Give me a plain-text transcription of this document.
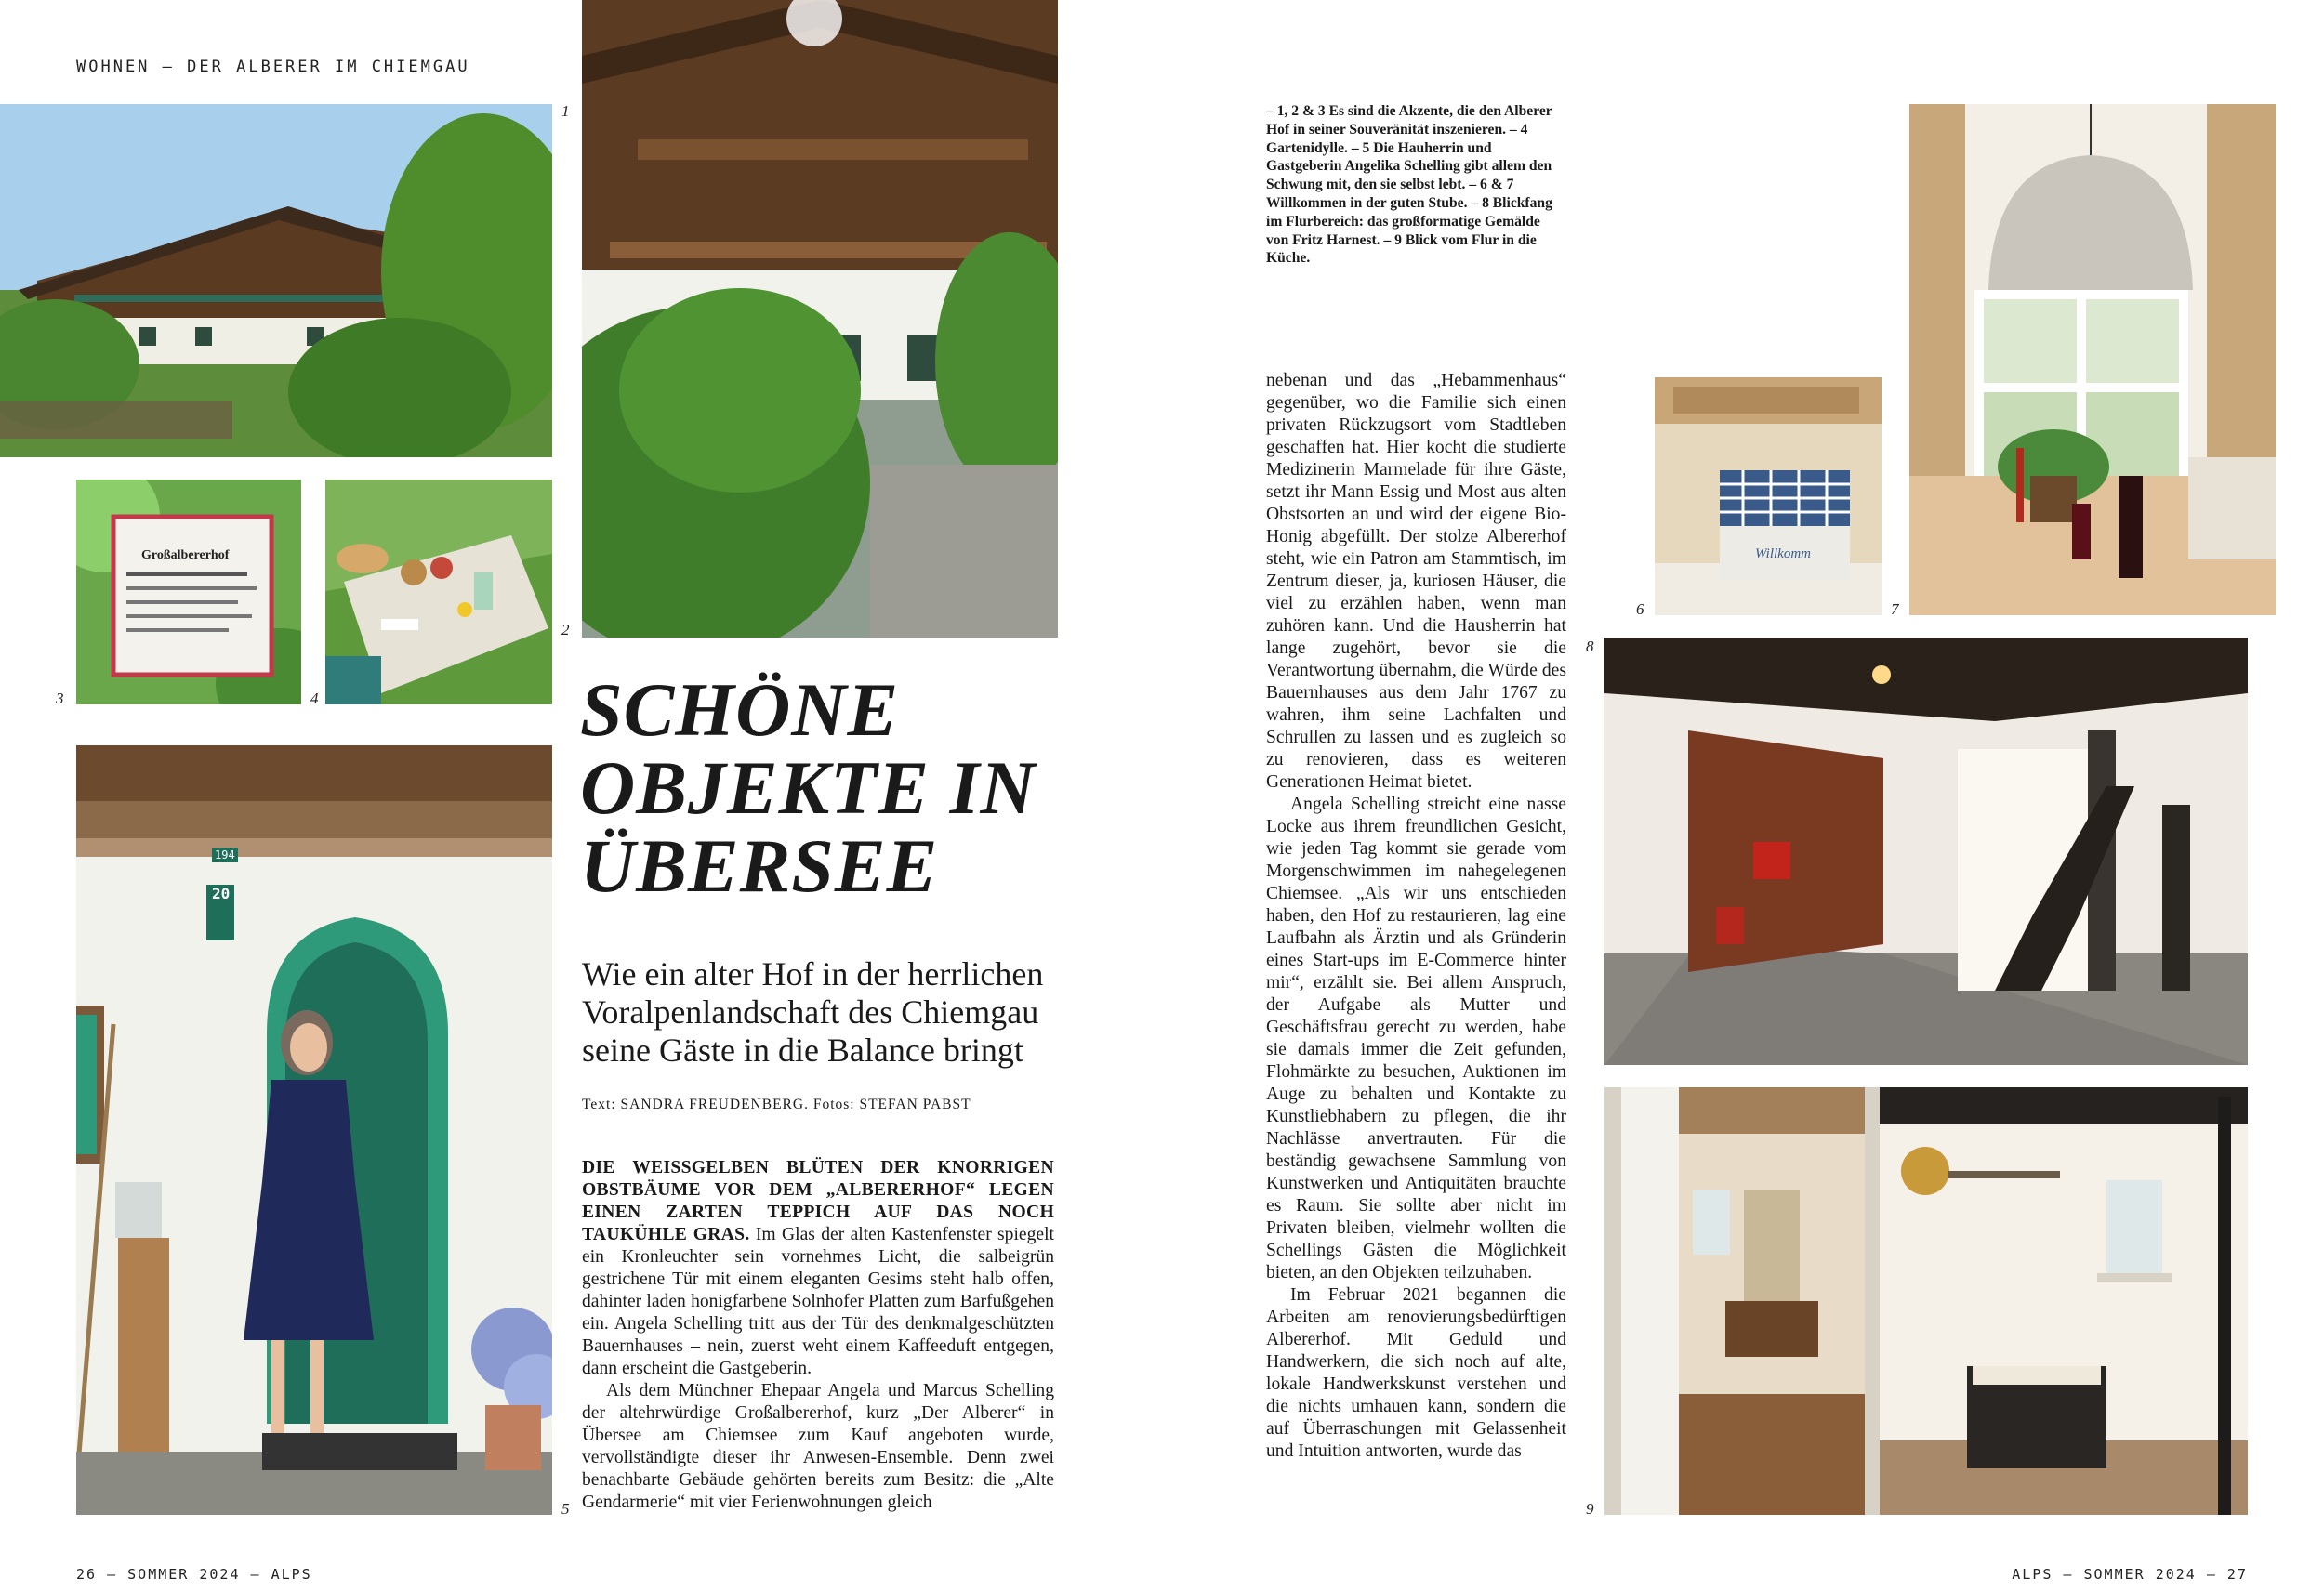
WOHNEN – DER ALBERER IM CHIEMGAU
1
2
Großalbererhof
3	4
194
20
5
SCHÖNE
OBJEKTE IN
ÜBERSEE
Wie ein alter Hof in der herrlichen Voralpenlandschaft des Chiemgau seine Gäste in die Balance bringt
Text: SANDRA FREUDENBERG. Fotos: STEFAN PABST

DIE WEISSGELBEN BLÜTEN DER KNORRIGEN OBSTBÄUME VOR DEM „ALBERERHOF“ LEGEN EINEN ZARTEN TEPPICH AUF DAS NOCH TAUKÜHLE GRAS. Im Glas der alten Kastenfenster spiegelt ein Kronleuchter sein vornehmes Licht, die salbeigrün gestrichene Tür mit einem eleganten Gesims steht halb offen, dahinter laden honigfarbene Solnhofer Platten zum Barfußgehen ein. Angela Schelling tritt aus der Tür des denkmalgeschützten Bauernhauses – nein, zuerst weht einem Kaffeeduft entgegen, dann erscheint die Gastgeberin.

Als dem Münchner Ehepaar Angela und Marcus Schelling der altehrwürdige Großalbererhof, kurz „Der Alberer“ in Übersee am Chiemsee zum Kauf angeboten wurde, vervollständigte dieser ihr Anwesen-Ensemble. Denn zwei benachbarte Gebäude gehörten bereits zum Besitz: die „Alte Gendarmerie“ mit vier Ferienwohnungen gleich

– 1, 2 & 3 Es sind die Akzente, die den Alberer Hof in seiner Souveränität inszenieren. – 4 Gartenidylle. – 5 Die Hauherrin und Gastgeberin Angelika Schelling gibt allem den Schwung mit, den sie selbst lebt. – 6 & 7 Willkommen in der guten Stube. – 8 Blickfang im Flurbereich: das großformatige Gemälde von Fritz Harnest. – 9 Blick vom Flur in die Küche.

nebenan und das „Hebammenhaus“ gegenüber, wo die Familie sich einen privaten Rückzugsort vom Stadtleben geschaffen hat. Hier kocht die studierte Medizinerin Marmelade für ihre Gäste, setzt ihr Mann Essig und Most aus alten Obstsorten an und wird der eigene Bio-Honig abgefüllt. Der stolze Albererhof steht, wie ein Patron am Stammtisch, im Zentrum dieser, ja, kuriosen Häuser, die viel zu erzählen haben, wenn man zuhören kann. Und die Hausherrin hat lange zugehört, bevor sie die Verantwortung übernahm, die Würde des Bauernhauses aus dem Jahr 1767 zu wahren, ihm seine Lachfalten und Schrullen zu lassen und es zugleich so zu renovieren, dass es weiteren Generationen Heimat bietet.

Angela Schelling streicht eine nasse Locke aus ihrem freundlichen Gesicht, wie jeden Tag kommt sie gerade vom Morgenschwimmen im nahegelegenen Chiemsee. „Als wir uns entschieden haben, den Hof zu restaurieren, lag eine Laufbahn als Ärztin und als Gründerin eines Start-ups im E-Commerce hinter mir“, erzählt sie. Bei allem Anspruch, der Aufgabe als Mutter und Geschäftsfrau gerecht zu werden, habe sie damals immer die Zeit gefunden, Flohmärkte zu besuchen, Auktionen im Auge zu behalten und Kontakte zu Kunstliebhabern zu pflegen, die ihr Nachlässe anvertrauten. Für die beständig gewachsene Sammlung von Kunstwerken und Antiquitäten brauchte es Raum. Sie sollte aber nicht im Privaten bleiben, vielmehr wollten die Schellings Gästen die Möglichkeit bieten, an den Objekten teilzuhaben.

Im Februar 2021 begannen die Arbeiten am renovierungsbedürftigen Albererhof. Mit Geduld und Handwerkern, die sich noch auf alte, lokale Handwerkskunst verstehen und die nichts umhauen kann, sondern die auf Überraschungen mit Gelassenheit und Intuition antworten, wurde das

Willkomm
6	7
8
9
26 – SOMMER 2024 – ALPS	ALPS – SOMMER 2024 – 27
